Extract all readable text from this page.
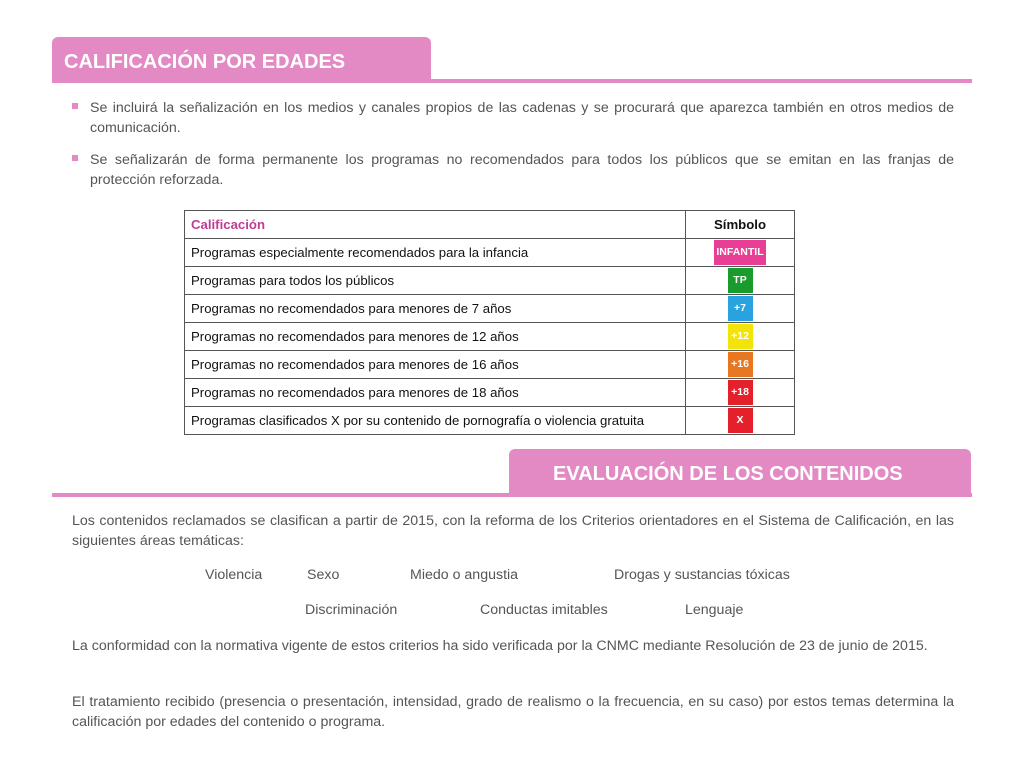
CALIFICACIÓN POR EDADES
Se incluirá la señalización en los medios y canales propios de las cadenas y se procurará que aparezca también en otros medios de comunicación.
Se señalizarán de forma permanente los programas no recomendados para todos los públicos que se emitan en las franjas de protección reforzada.
Calificación	Símbolo
Programas especialmente recomendados para la infancia	INFANTIL
Programas para todos los públicos	TP
Programas no recomendados para menores de 7 años	+7
Programas no recomendados para menores de 12 años	+12
Programas no recomendados para menores de 16 años	+16
Programas no recomendados para menores de 18 años	+18
Programas clasificados X por su contenido de pornografía o violencia gratuita	X
EVALUACIÓN DE LOS CONTENIDOS

Los contenidos reclamados se clasifican a partir de 2015, con la reforma de los Criterios orientadores en el Sistema de Calificación, en las siguientes áreas temáticas:

Violencia	Sexo	Miedo o angustia	Drogas y sustancias tóxicas
Discriminación	Conductas imitables	Lenguaje

La conformidad con la normativa vigente de estos criterios ha sido verificada por la CNMC mediante Resolución de 23 de junio de 2015.

El tratamiento recibido (presencia o presentación, intensidad, grado de realismo o la frecuencia, en su caso) por estos temas determina la calificación por edades del contenido o programa.
